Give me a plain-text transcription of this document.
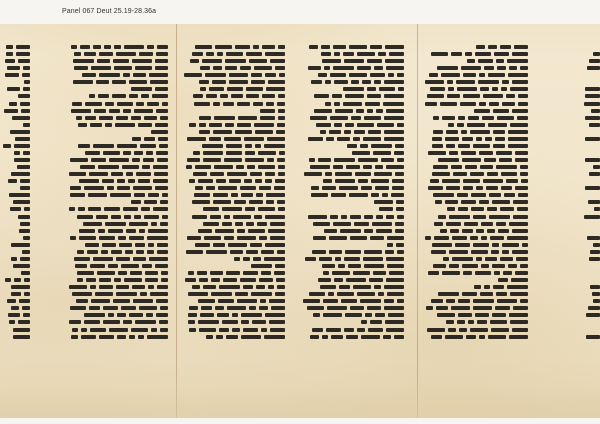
Panel 067 Deut 25.19-28.36a
